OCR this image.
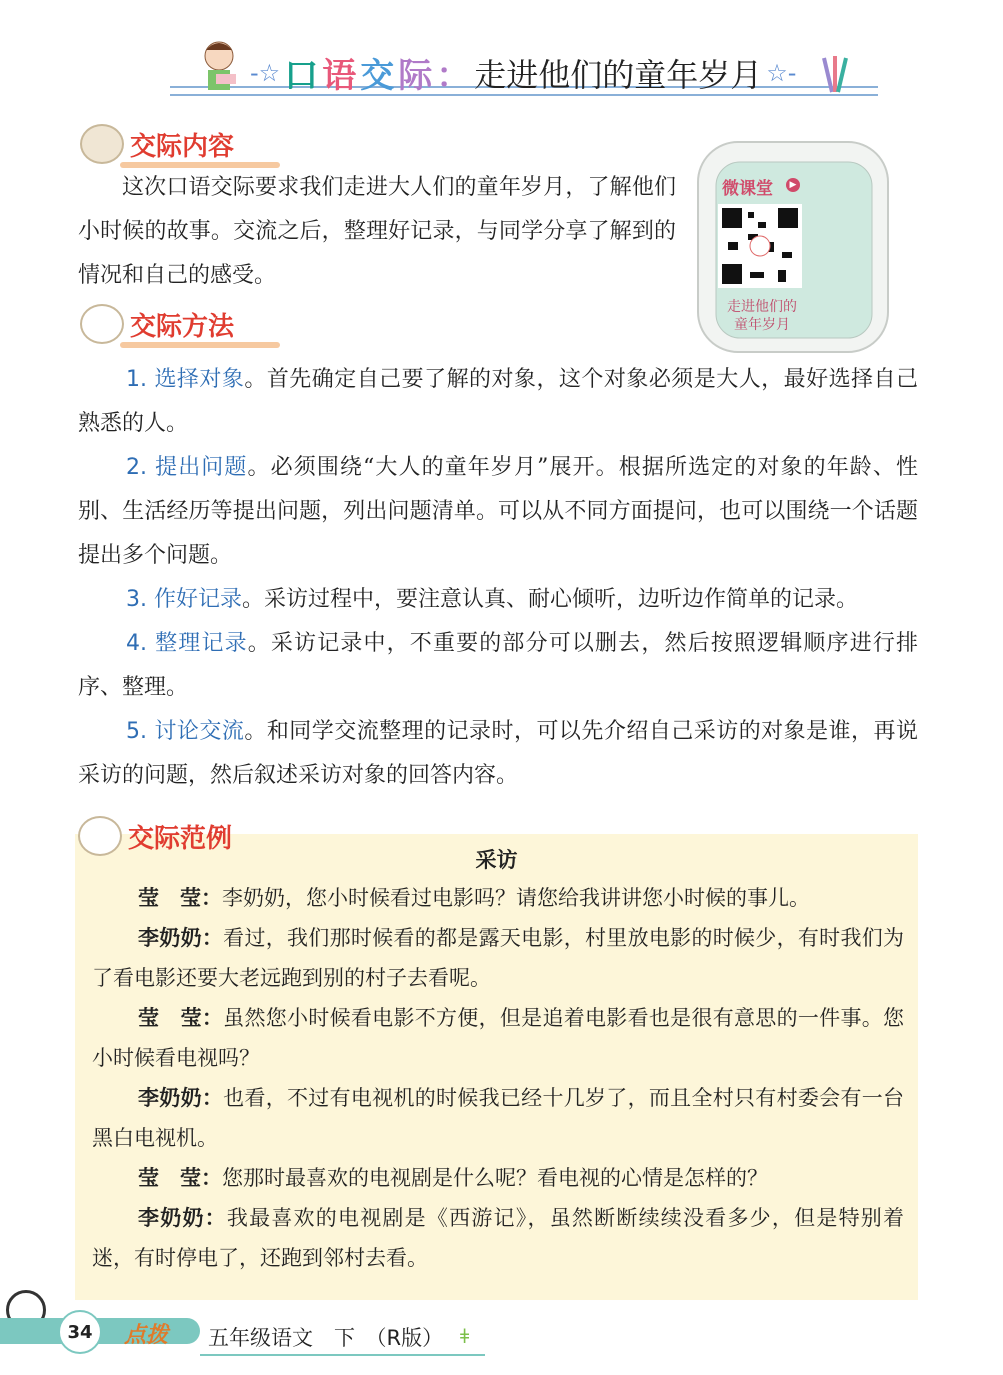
-☆ 口 语 交 际 ： 走进他们的童年岁月 ☆-
交际内容
这次口语交际要求我们走进大人们的童年岁月，了解他们小时候的故事。交流之后，整理好记录，与同学分享了解到的情况和自己的感受。
微课堂	▶
走进他们的
童年岁月
交际方法

1. 选择对象。首先确定自己要了解的对象，这个对象必须是大人，最好选择自己熟悉的人。

2. 提出问题。必须围绕“大人的童年岁月”展开。根据所选定的对象的年龄、性别、生活经历等提出问题，列出问题清单。可以从不同方面提问，也可以围绕一个话题提出多个问题。

3. 作好记录。采访过程中，要注意认真、耐心倾听，边听边作简单的记录。

4. 整理记录。采访记录中，不重要的部分可以删去，然后按照逻辑顺序进行排序、整理。

5. 讨论交流。和同学交流整理的记录时，可以先介绍自己采访的对象是谁，再说采访的问题，然后叙述采访对象的回答内容。

采访

莹　莹：李奶奶，您小时候看过电影吗？请您给我讲讲您小时候的事儿。

李奶奶：看过，我们那时候看的都是露天电影，村里放电影的时候少，有时我们为了看电影还要大老远跑到别的村子去看呢。

莹　莹：虽然您小时候看电影不方便，但是追着电影看也是很有意思的一件事。您小时候看电视吗？

李奶奶：也看，不过有电视机的时候我已经十几岁了，而且全村只有村委会有一台黑白电视机。

莹　莹：您那时最喜欢的电视剧是什么呢？看电视的心情是怎样的？

李奶奶：我最喜欢的电视剧是《西游记》，虽然断断续续没看多少，但是特别着迷，有时停电了，还跑到邻村去看。

交际范例
34	点拨 五年级语文　下　（R版） ǂ
